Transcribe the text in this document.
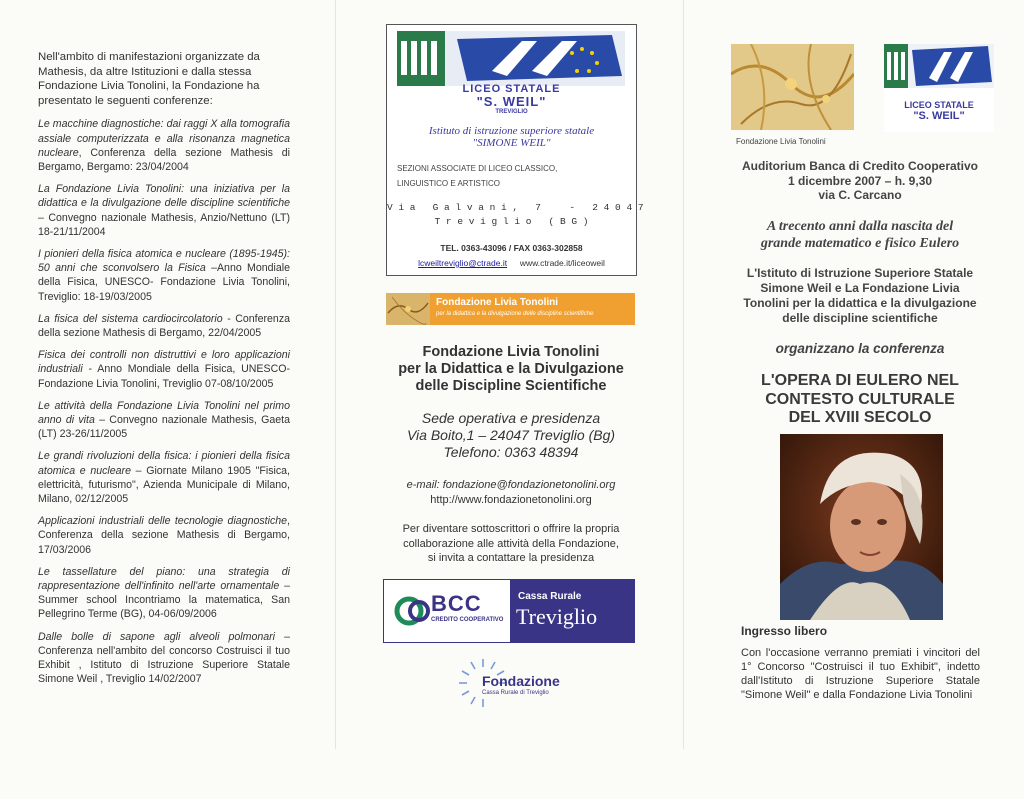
Nell'ambito di manifestazioni organizzate da Mathesis, da altre Istituzioni e dalla stessa Fondazione Livia Tonolini, la Fondazione ha presentato le seguenti conferenze:

Le macchine diagnostiche: dai raggi X alla tomografia assiale computerizzata e alla risonanza magnetica nucleare, Conferenza della sezione Mathesis di Bergamo, Bergamo: 23/04/2004

La Fondazione Livia Tonolini: una iniziativa per la didattica e la divulgazione delle discipline scientifiche – Convegno nazionale Mathesis, Anzio/Nettuno (LT) 18-21/11/2004

I pionieri della fisica atomica e nucleare (1895-1945): 50 anni che sconvolsero la Fisica –Anno Mondiale della Fisica, UNESCO- Fondazione Livia Tonolini, Treviglio: 18-19/03/2005

La fisica del sistema cardiocircolatorio - Conferenza della sezione Mathesis di Bergamo, 22/04/2005

Fisica dei controlli non distruttivi e loro applicazioni industriali - Anno Mondiale della Fisica, UNESCO-Fondazione Livia Tonolini, Treviglio 07-08/10/2005

Le attività della Fondazione Livia Tonolini nel primo anno di vita – Convegno nazionale Mathesis, Gaeta (LT) 23-26/11/2005

Le grandi rivoluzioni della fisica: i pionieri della fisica atomica e nucleare – Giornate Milano 1905 "Fisica, elettricità, futurismo", Azienda Municipale di Milano, Milano, 02/12/2005

Applicazioni industriali delle tecnologie diagnostiche, Conferenza della sezione Mathesis di Bergamo, 17/03/2006

Le tassellature del piano: una strategia di rappresentazione dell'infinito nell'arte ornamentale – Summer school Incontriamo la matematica, San Pellegrino Terme (BG), 04-06/09/2006

Dalle bolle di sapone agli alveoli polmonari – Conferenza nell'ambito del concorso Costruisci il tuo Exhibit , Istituto di Istruzione Superiore Statale Simone Weil , Treviglio 14/02/2007

LICEO STATALE
"S. WEIL"
TREVIGLIO
Istituto di istruzione superiore statale
"SIMONE WEIL"
SEZIONI ASSOCIATE DI LICEO CLASSICO,
LINGUISTICO E ARTISTICO
V i a   G a l v a n i ,   7     -   2 4 0 4 7
T r e v i g l i o   ( B G )
TEL. 0363-43096 / FAX 0363-302858
lcweiltreviglio@ctrade.it www.ctrade.it/liceoweil
Fondazione Livia Tonolini
per la didattica e la divulgazione delle discipline scientifiche
Fondazione Livia Tonolini
per la Didattica e la Divulgazione
delle Discipline Scientifiche
Sede operativa e presidenza
Via Boito,1 – 24047 Treviglio (Bg)
Telefono: 0363 48394
e-mail: fondazione@fondazionetonolini.org
http://www.fondazionetonolini.org
Per diventare sottoscrittori o offrire la propria
collaborazione alle attività della Fondazione,
si invita a contattare la presidenza
BCC
CREDITO COOPERATIVO
Cassa Rurale
Treviglio
Fondazione
Cassa Rurale di Treviglio
Fondazione Livia Tonolini
LICEO STATALE
"S. WEIL"
Auditorium Banca di Credito Cooperativo
1 dicembre 2007 – h. 9,30
via C. Carcano
A trecento anni dalla nascita del
grande matematico e fisico Eulero
L'Istituto di Istruzione Superiore Statale
Simone Weil e La Fondazione Livia
Tonolini per la didattica e la divulgazione
delle discipline scientifiche
organizzano la conferenza
L'OPERA DI EULERO NEL
CONTESTO CULTURALE
DEL XVIII SECOLO
Ingresso libero
Con l'occasione verranno premiati i vincitori del 1° Concorso "Costruisci il tuo Exhibit", indetto dall'Istituto di Istruzione Superiore Statale "Simone Weil" e dalla Fondazione Livia Tonolini
